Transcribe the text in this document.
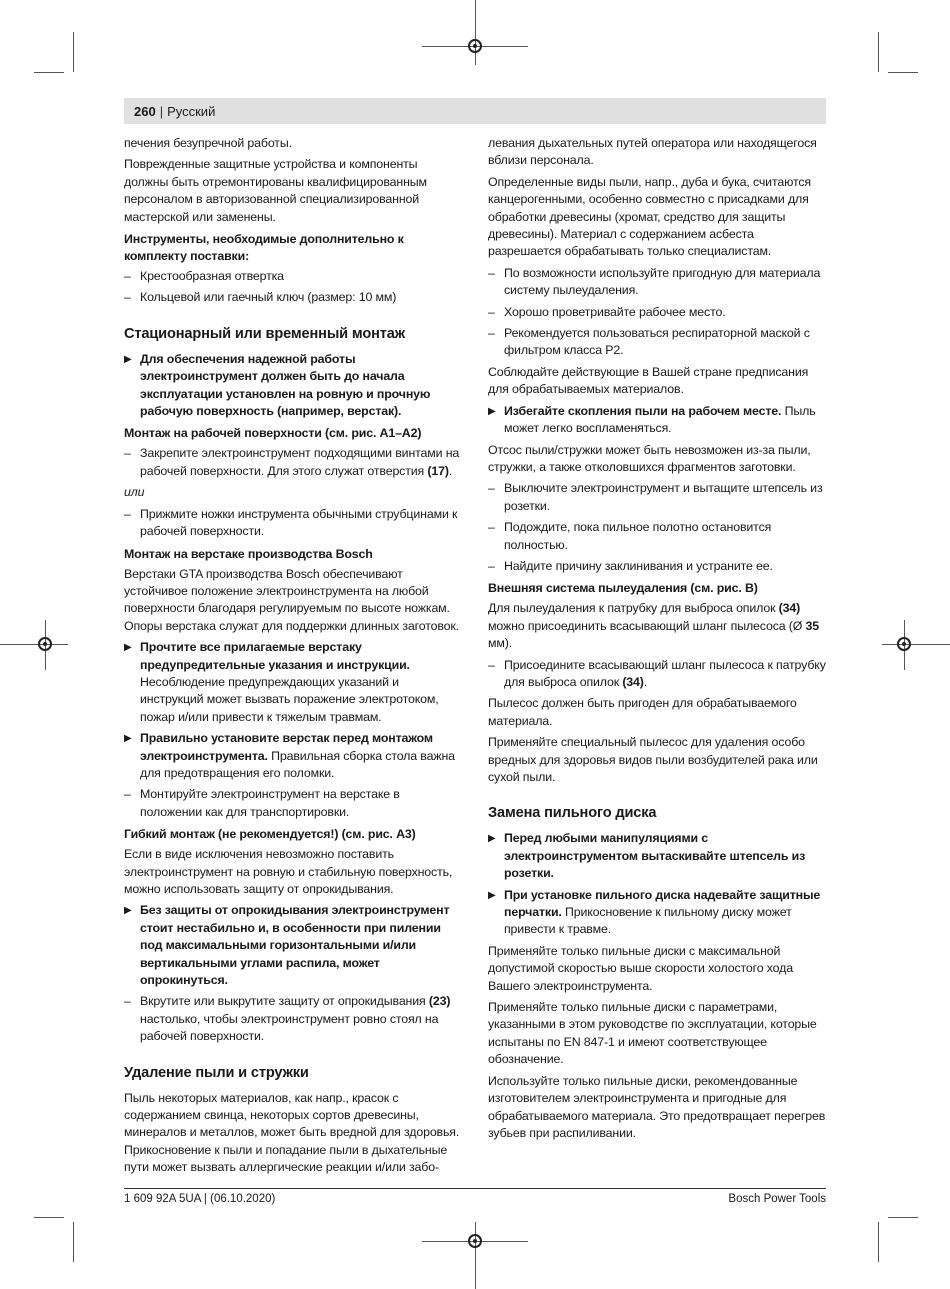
260 | Русский

печения безупречной работы.

Поврежденные защитные устройства и компоненты должны быть отремонтированы квалифицированным персоналом в авторизованной специализированной мастерской или заменены.

Инструменты, необходимые дополнительно к комплекту поставки:

– Крестообразная отвертка

– Кольцевой или гаечный ключ (размер: 10 мм)

Стационарный или временный монтаж

▶ Для обеспечения надежной работы электроинструмент должен быть до начала эксплуатации установлен на ровную и прочную рабочую поверхность (например, верстак).

Монтаж на рабочей поверхности (см. рис. A1–A2)

– Закрепите электроинструмент подходящими винтами на рабочей поверхности. Для этого служат отверстия (17).

или

– Прижмите ножки инструмента обычными струбцинами к рабочей поверхности.

Монтаж на верстаке производства Bosch

Верстаки GTA производства Bosch обеспечивают устойчивое положение электроинструмента на любой поверхности благодаря регулируемым по высоте ножкам. Опоры верстака служат для поддержки длинных заготовок.

▶ Прочтите все прилагаемые верстаку предупредительные указания и инструкции. Несоблюдение предупреждающих указаний и инструкций может вызвать поражение электротоком, пожар и/или привести к тяжелым травмам.

▶ Правильно установите верстак перед монтажом электроинструмента. Правильная сборка стола важна для предотвращения его поломки.

– Монтируйте электроинструмент на верстаке в положении как для транспортировки.

Гибкий монтаж (не рекомендуется!) (см. рис. A3)

Если в виде исключения невозможно поставить электроинструмент на ровную и стабильную поверхность, можно использовать защиту от опрокидывания.

▶ Без защиты от опрокидывания электроинструмент стоит нестабильно и, в особенности при пилении под максимальными горизонтальными и/или вертикальными углами распила, может опрокинуться.

– Вкрутите или выкрутите защиту от опрокидывания (23) настолько, чтобы электроинструмент ровно стоял на рабочей поверхности.

Удаление пыли и стружки

Пыль некоторых материалов, как напр., красок с содержанием свинца, некоторых сортов древесины, минералов и металлов, может быть вредной для здоровья. Прикосновение к пыли и попадание пыли в дыхательные пути может вызвать аллергические реакции и/или забо-

левания дыхательных путей оператора или находящегося вблизи персонала.

Определенные виды пыли, напр., дуба и бука, считаются канцерогенными, особенно совместно с присадками для обработки древесины (хромат, средство для защиты древесины). Материал с содержанием асбеста разрешается обрабатывать только специалистам.

– По возможности используйте пригодную для материала систему пылеудаления.

– Хорошо проветривайте рабочее место.

– Рекомендуется пользоваться респираторной маской с фильтром класса P2.

Соблюдайте действующие в Вашей стране предписания для обрабатываемых материалов.

▶ Избегайте скопления пыли на рабочем месте. Пыль может легко воспламеняться.

Отсос пыли/стружки может быть невозможен из-за пыли, стружки, а также отколовшихся фрагментов заготовки.

– Выключите электроинструмент и вытащите штепсель из розетки.

– Подождите, пока пильное полотно остановится полностью.

– Найдите причину заклинивания и устраните ее.

Внешняя система пылеудаления (см. рис. B)

Для пылеудаления к патрубку для выброса опилок (34) можно присоединить всасывающий шланг пылесоса (Ø 35 мм).

– Присоедините всасывающий шланг пылесоса к патрубку для выброса опилок (34).

Пылесос должен быть пригоден для обрабатываемого материала.

Применяйте специальный пылесос для удаления особо вредных для здоровья видов пыли возбудителей рака или сухой пыли.

Замена пильного диска

▶ Перед любыми манипуляциями с электроинструментом вытаскивайте штепсель из розетки.

▶ При установке пильного диска надевайте защитные перчатки. Прикосновение к пильному диску может привести к травме.

Применяйте только пильные диски с максимальной допустимой скоростью выше скорости холостого хода Вашего электроинструмента.

Применяйте только пильные диски с параметрами, указанными в этом руководстве по эксплуатации, которые испытаны по EN 847-1 и имеют соответствующее обозначение.

Используйте только пильные диски, рекомендованные изготовителем электроинструмента и пригодные для обрабатываемого материала. Это предотвращает перегрев зубьев при распиливании.

1 609 92A 5UA | (06.10.2020)	Bosch Power Tools
